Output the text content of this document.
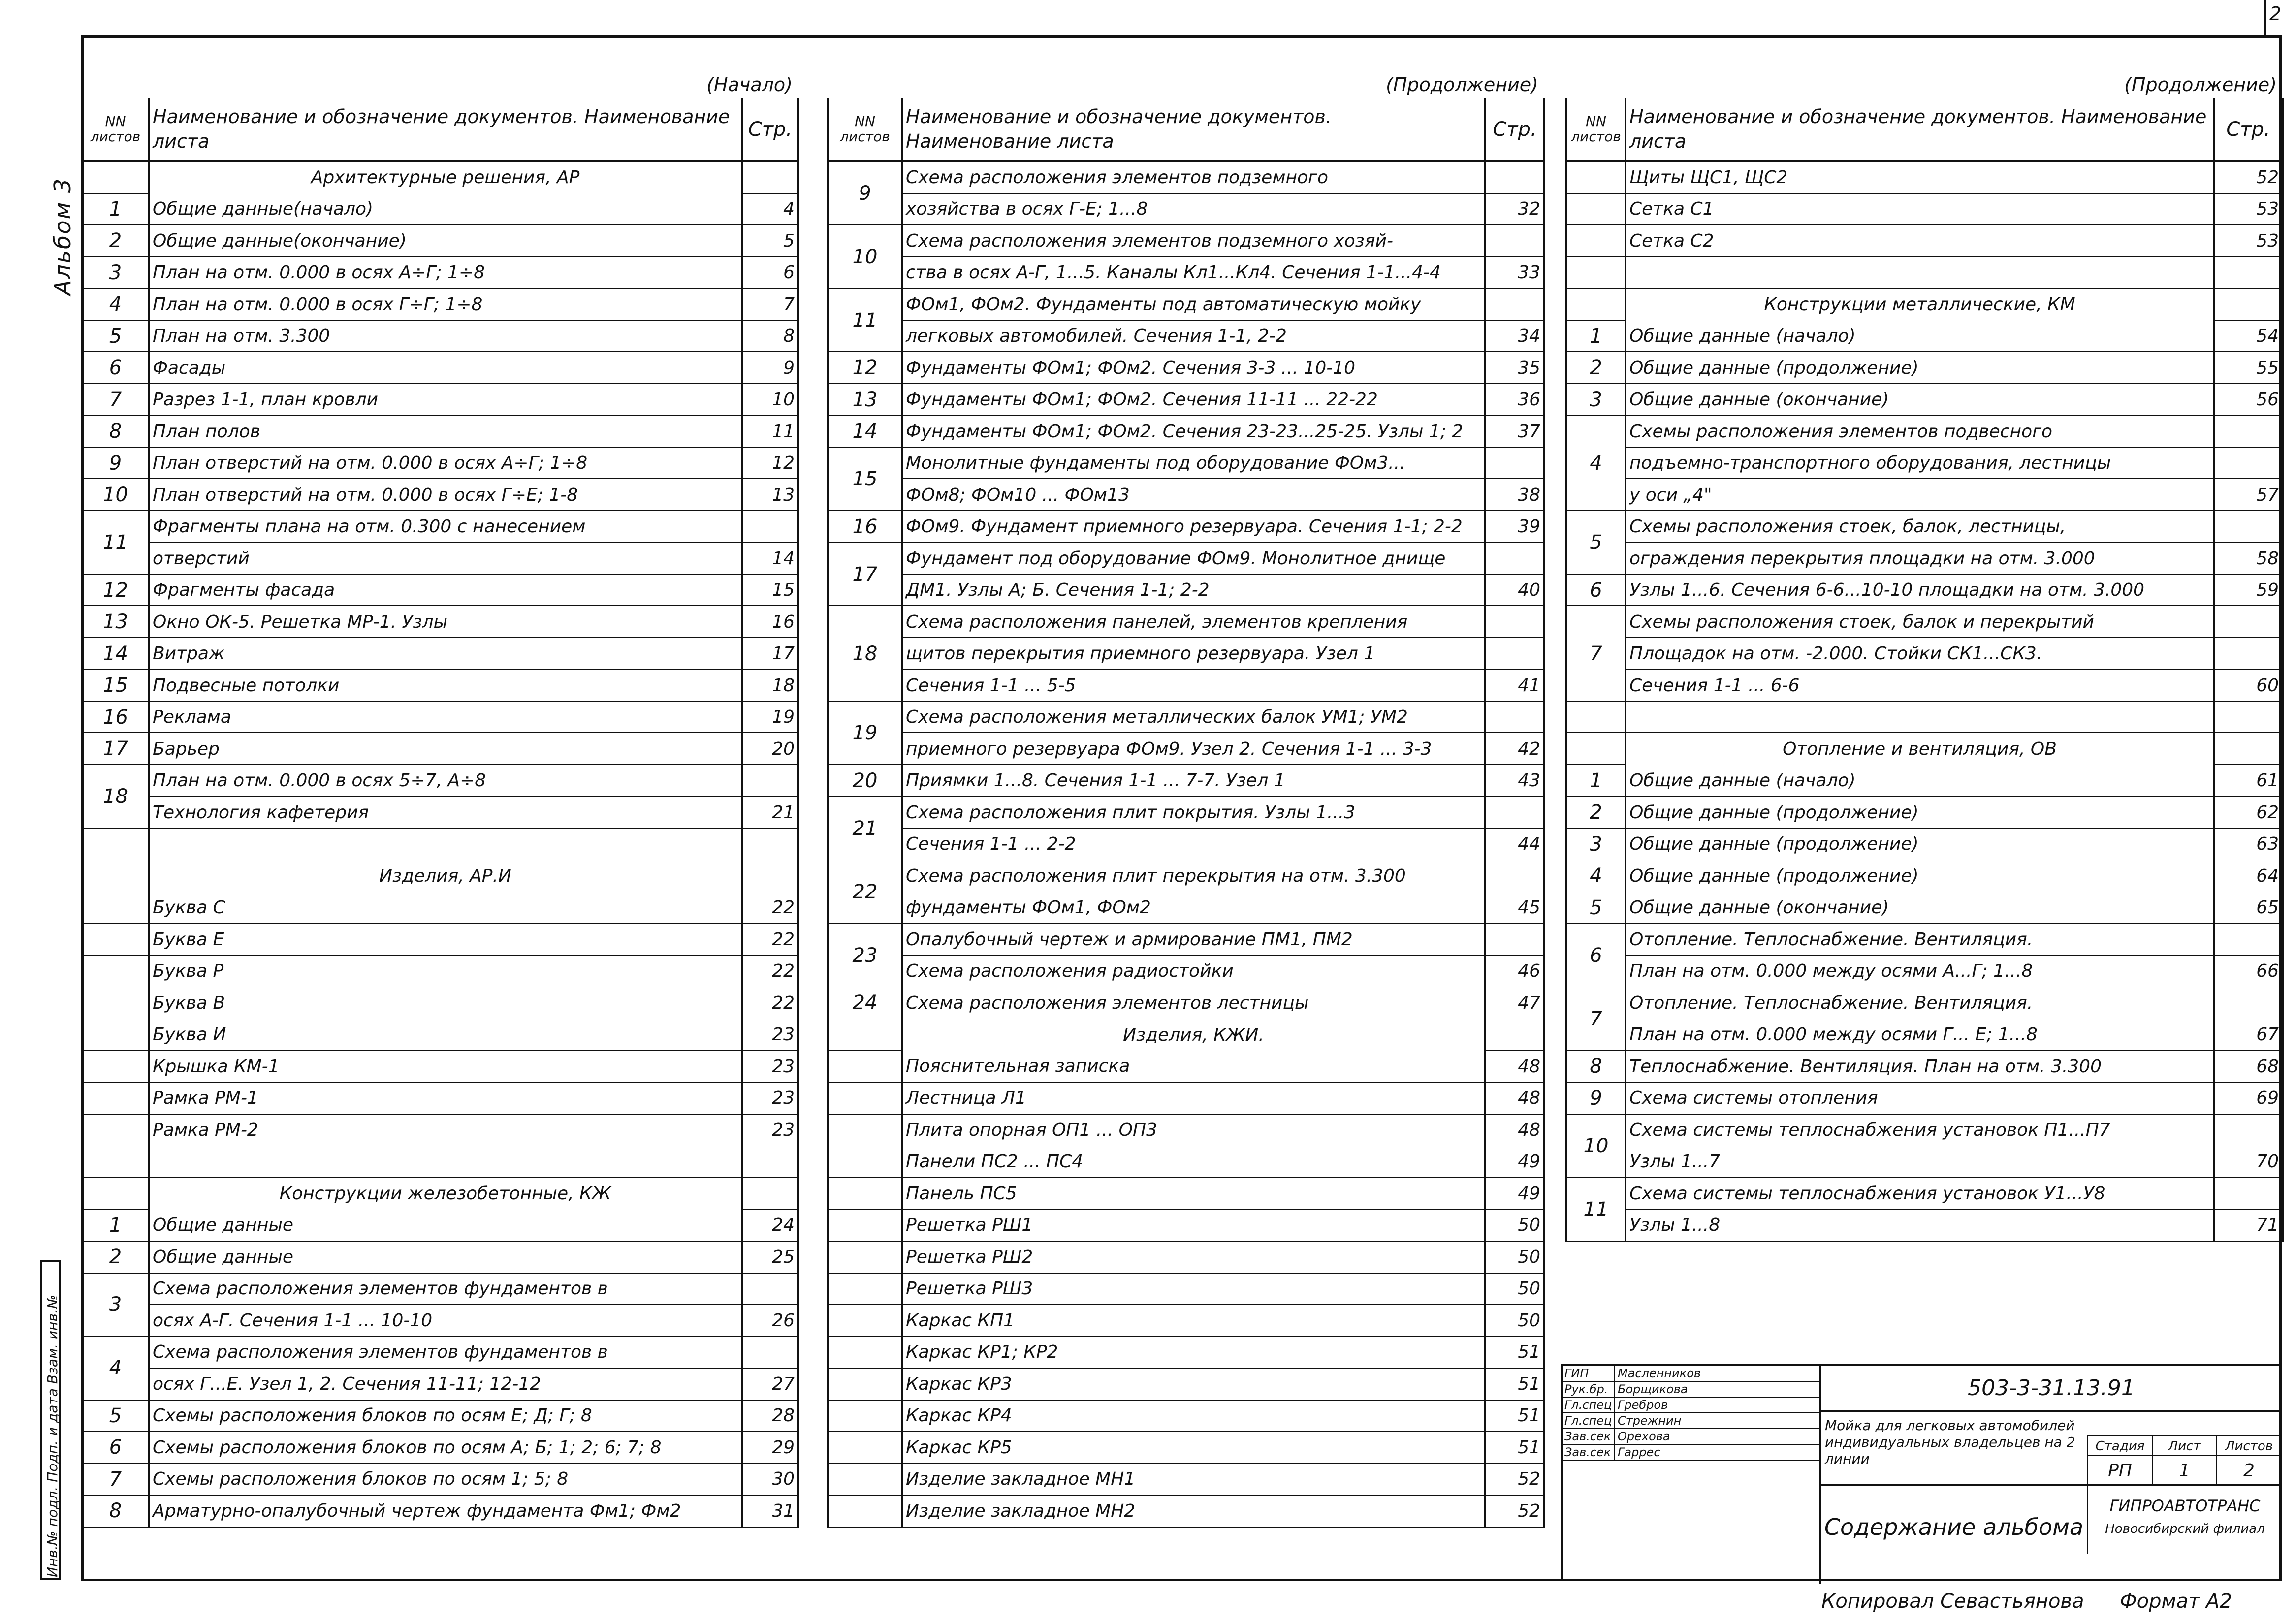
2
Альбом 3
Инв.№ подл. Подп. и дата Взам. инв.№
(Начало)
NN листов	Наименование и обозначение документов. Наименование листа	Стр.
	Архитектурные решения, АР	
1	Общие данные(начало)	4
2	Общие данные(окончание)	5
3	План на отм. 0.000 в осях А÷Г; 1÷8	6
4	План на отм. 0.000 в осях Г÷Г; 1÷8	7
5	План на отм. 3.300	8
6	Фасады	9
7	Разрез 1-1, план кровли	10
8	План полов	11
9	План отверстий на отм. 0.000 в осях А÷Г; 1÷8	12
10	План отверстий на отм. 0.000 в осях Г÷Е; 1-8	13
11	Фрагменты плана на отм. 0.300 с нанесением	
	отверстий	14
12	Фрагменты фасада	15
13	Окно ОК-5. Решетка МР-1. Узлы	16
14	Витраж	17
15	Подвесные потолки	18
16	Реклама	19
17	Барьер	20
18	План на отм. 0.000 в осях 5÷7, А÷8	
	Технология кафетерия	21

	Изделия, АР.И	
	Буква С	22
	Буква Е	22
	Буква Р	22
	Буква В	22
	Буква И	23
	Крышка КМ-1	23
	Рамка РМ-1	23
	Рамка РМ-2	23

	Конструкции железобетонные, КЖ	
1	Общие данные	24
2	Общие данные	25
3	Схема расположения элементов фундаментов в	
	осях А-Г. Сечения 1-1 ... 10-10	26
4	Схема расположения элементов фундаментов в	
	осях Г...Е. Узел 1, 2. Сечения 11-11; 12-12	27
5	Схемы расположения блоков по осям Е; Д; Г; 8	28
6	Схемы расположения блоков по осям А; Б; 1; 2; 6; 7; 8	29
7	Схемы расположения блоков по осям 1; 5; 8	30
8	Арматурно-опалубочный чертеж фундамента Фм1; Фм2	31
(Продолжение)
NN листов	Наименование и обозначение документов. Наименование листа	Стр.
9	Схема расположения элементов подземного	
	хозяйства в осях Г-Е; 1...8	32
10	Схема расположения элементов подземного хозяй-	
	ства в осях А-Г, 1...5. Каналы Кл1...Кл4. Сечения 1-1...4-4	33
11	ФОм1, ФОм2. Фундаменты под автоматическую мойку	
	легковых автомобилей. Сечения 1-1, 2-2	34
12	Фундаменты ФОм1; ФОм2. Сечения 3-3 ... 10-10	35
13	Фундаменты ФОм1; ФОм2. Сечения 11-11 ... 22-22	36
14	Фундаменты ФОм1; ФОм2. Сечения 23-23...25-25. Узлы 1; 2	37
15	Монолитные фундаменты под оборудование ФОм3...	
	ФОм8; ФОм10 ... ФОм13	38
16	ФОм9. Фундамент приемного резервуара. Сечения 1-1; 2-2	39
17	Фундамент под оборудование ФОм9. Монолитное днище	
	ДМ1. Узлы А; Б. Сечения 1-1; 2-2	40
18	Схема расположения панелей, элементов крепления	
	щитов перекрытия приемного резервуара. Узел 1	
	Сечения 1-1 ... 5-5	41
19	Схема расположения металлических балок УМ1; УМ2	
	приемного резервуара ФОм9. Узел 2. Сечения 1-1 ... 3-3	42
20	Приямки 1...8. Сечения 1-1 ... 7-7. Узел 1	43
21	Схема расположения плит покрытия. Узлы 1...3	
	Сечения 1-1 ... 2-2	44
22	Схема расположения плит перекрытия на отм. 3.300	
	фундаменты ФОм1, ФОм2	45
23	Опалубочный чертеж и армирование ПМ1, ПМ2	
	Схема расположения радиостойки	46
24	Схема расположения элементов лестницы	47
	Изделия, КЖИ.	
	Пояснительная записка	48
	Лестница Л1	48
	Плита опорная ОП1 ... ОП3	48
	Панели ПС2 ... ПС4	49
	Панель ПС5	49
	Решетка РШ1	50
	Решетка РШ2	50
	Решетка РШ3	50
	Каркас КП1	50
	Каркас КР1; КР2	51
	Каркас КР3	51
	Каркас КР4	51
	Каркас КР5	51
	Изделие закладное МН1	52
	Изделие закладное МН2	52
(Продолжение)
NN листов	Наименование и обозначение документов. Наименование листа	Стр.
	Щиты ЩС1, ЩС2	52
	Сетка С1	53
	Сетка С2	53

	Конструкции металлические, КМ	
1	Общие данные (начало)	54
2	Общие данные (продолжение)	55
3	Общие данные (окончание)	56
4	Схемы расположения элементов подвесного	
	подъемно-транспортного оборудования, лестницы	
	у оси „4"	57
5	Схемы расположения стоек, балок, лестницы,	
	ограждения перекрытия площадки на отм. 3.000	58
6	Узлы 1...6. Сечения 6-6...10-10 площадки на отм. 3.000	59
7	Схемы расположения стоек, балок и перекрытий	
	Площадок на отм. -2.000. Стойки СК1...СК3.	
	Сечения 1-1 ... 6-6	60

	Отопление и вентиляция, ОВ	
1	Общие данные (начало)	61
2	Общие данные (продолжение)	62
3	Общие данные (продолжение)	63
4	Общие данные (продолжение)	64
5	Общие данные (окончание)	65
6	Отопление. Теплоснабжение. Вентиляция.	
	План на отм. 0.000 между осями А...Г; 1...8	66
7	Отопление. Теплоснабжение. Вентиляция.	
	План на отм. 0.000 между осями Г... Е; 1...8	67
8	Теплоснабжение. Вентиляция. План на отм. 3.300	68
9	Схема системы отопления	69
10	Схема системы теплоснабжения установок П1...П7	
	Узлы 1...7	70
11	Схема системы теплоснабжения установок У1...У8	
	Узлы 1...8	71
ГИП	Масленников
Рук.бр. Борщикова
Гл.спец Гребров
Гл.спец Стрежнин
Зав.сек Орехова
Зав.сек Гаррес
503-3-31.13.91
Мойка для легковых автомобилей индивидуальных владельцев на 2 линии
Стадия	Лист	Листов
РП	1	2
Содержание альбома
ГИПРОАВТОТРАНС
Новосибирский филиал
Копировал Севастьянова Формат А2
